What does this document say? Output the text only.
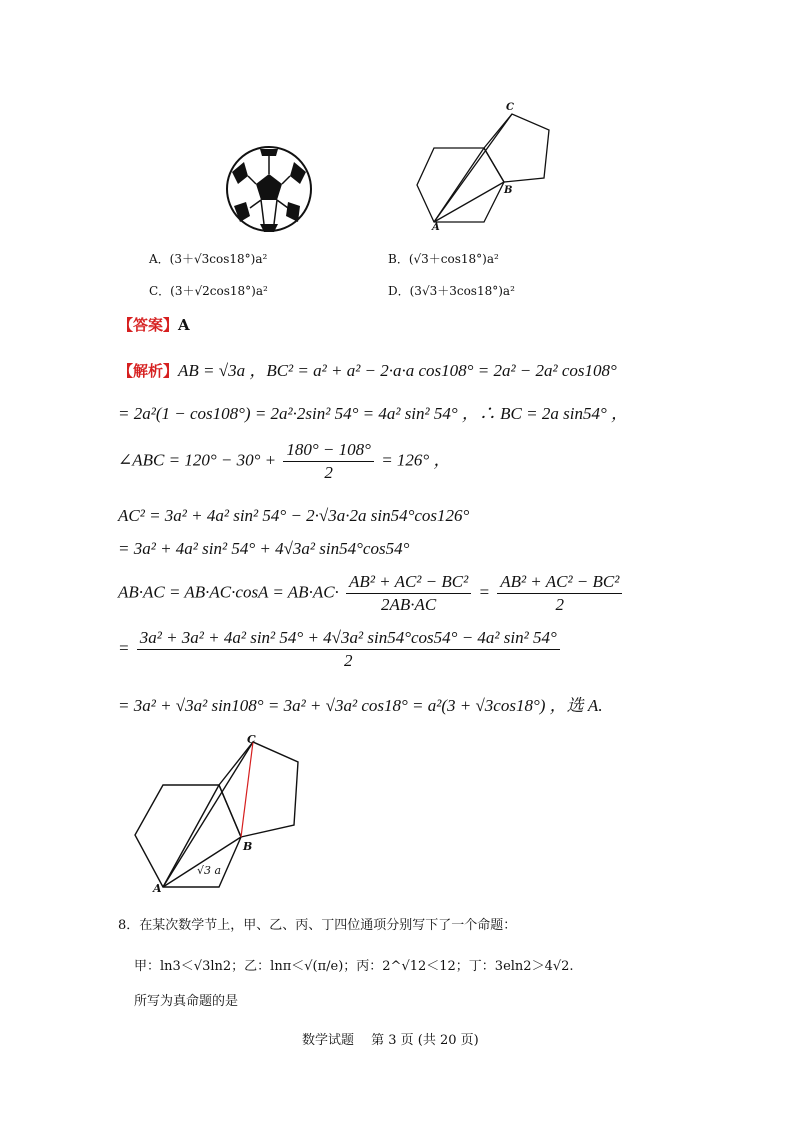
C
B
A
A．(3＋√3cos18°)a²	B．(√3＋cos18°)a²
C．(3＋√2cos18°)a²	D．(3√3＋3cos18°)a²
【答案】A
【解析】AB = √3a ，BC² = a² + a² − 2·a·a cos108° = 2a² − 2a² cos108°
= 2a²(1 − cos108°) = 2a²·2sin² 54° = 4a² sin² 54° ，∴ BC = 2a sin54° ，
∠ABC = $120^\circ - 30^\circ + \frac{180^\circ - 108^\circ}{2} = 126^\circ$ ，
AC² = 3a² + 4a² sin² 54° − 2·√3a·2a sin54°cos126°
= 3a² + 4a² sin² 54° + 4√3a² sin54°cos54°
$AB\cdot AC = AB\cdot AC\cdot\cos A = AB\cdot AC\cdot \frac{\text{AB² + AC² − BC²}}{2AB\cdot AC} = \frac{\text{AB² + AC² − BC²}}{2}$
= $\frac{\text{3a² + 3a² + 4a² sin² 54° + 4√3a² sin54°cos54° − 4a² sin² 54°}}{2}$
= 3a² + √3a² sin108° = 3a² + √3a² cos18° = a²(3 + √3cos18°) ，选 A.
C
B
A
√3 a
8．在某次数学节上，甲、乙、丙、丁四位通项分别写下了一个命题：
甲：ln3＜√3ln2；乙：lnπ＜√(π/e)；丙：2^√12＜12；丁：3eln2＞4√2.
所写为真命题的是
数学试题　 第 3 页 (共 20 页)
